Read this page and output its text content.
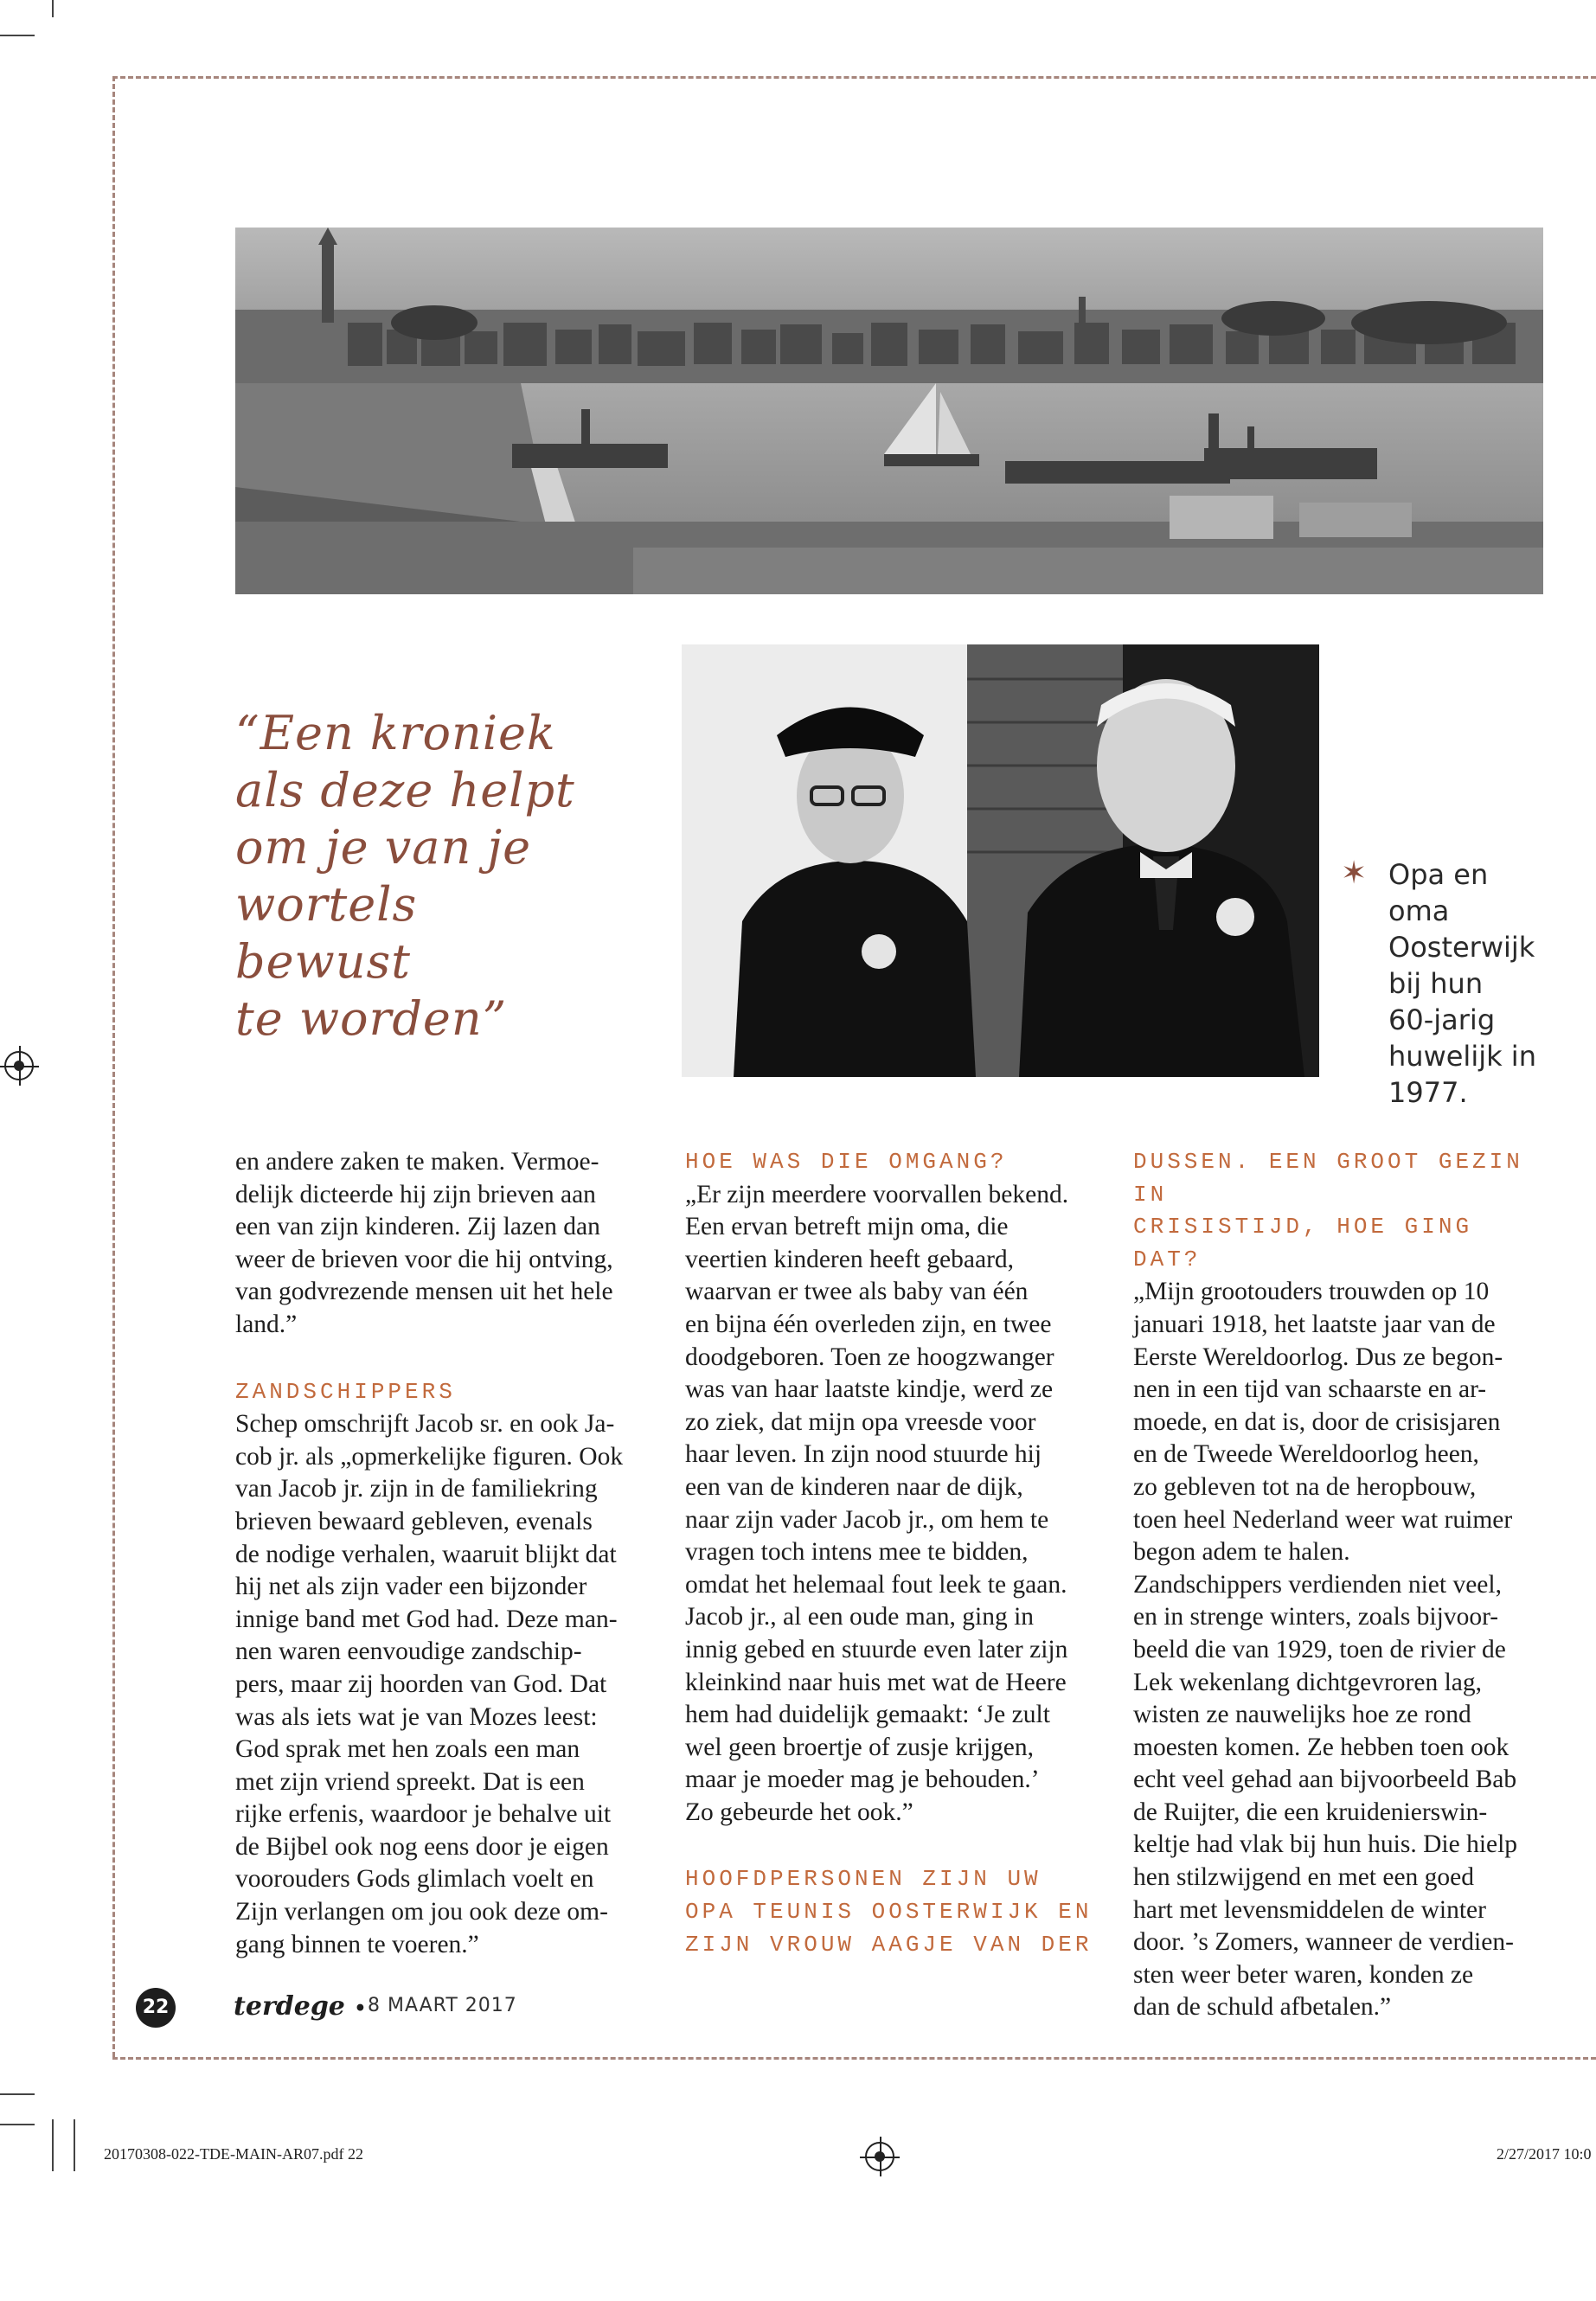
“Een kroniek
als deze helpt
om je van je
wortels bewust
te worden”
✶ Opa en oma
Oosterwijk
bij hun
60-jarig
huwelijk in
1977.

en andere zaken te maken. Vermoe-
delijk dicteerde hij zijn brieven aan
een van zijn kinderen. Zij lazen dan
weer de brieven voor die hij ontving,
van godvrezende mensen uit het hele
land.”

ZANDSCHIPPERS

Schep omschrijft Jacob sr. en ook Ja-
cob jr. als „opmerkelijke figuren. Ook
van Jacob jr. zijn in de familiekring
brieven bewaard gebleven, evenals
de nodige verhalen, waaruit blijkt dat
hij net als zijn vader een bijzonder
innige band met God had. Deze man-
nen waren eenvoudige zandschip-
pers, maar zij hoorden van God. Dat
was als iets wat je van Mozes leest:
God sprak met hen zoals een man
met zijn vriend spreekt. Dat is een
rijke erfenis, waardoor je behalve uit
de Bijbel ook nog eens door je eigen
voorouders Gods glimlach voelt en
Zijn verlangen om jou ook deze om-
gang binnen te voeren.”

HOE WAS DIE OMGANG?

„Er zijn meerdere voorvallen bekend.
Een ervan betreft mijn oma, die
veertien kinderen heeft gebaard,
waarvan er twee als baby van één
en bijna één overleden zijn, en twee
doodgeboren. Toen ze hoogzwanger
was van haar laatste kindje, werd ze
zo ziek, dat mijn opa vreesde voor
haar leven. In zijn nood stuurde hij
een van de kinderen naar de dijk,
naar zijn vader Jacob jr., om hem te
vragen toch intens mee te bidden,
omdat het helemaal fout leek te gaan.
Jacob jr., al een oude man, ging in
innig gebed en stuurde even later zijn
kleinkind naar huis met wat de Heere
hem had duidelijk gemaakt: ‘Je zult
wel geen broertje of zusje krijgen,
maar je moeder mag je behouden.’
Zo gebeurde het ook.”

HOOFDPERSONEN ZIJN UW
OPA TEUNIS OOSTERWIJK EN
ZIJN VROUW AAGJE VAN DER

DUSSEN. EEN GROOT GEZIN IN
CRISISTIJD, HOE GING DAT?

„Mijn grootouders trouwden op 10
januari 1918, het laatste jaar van de
Eerste Wereldoorlog. Dus ze begon-
nen in een tijd van schaarste en ar-
moede, en dat is, door de crisisjaren
en de Tweede Wereldoorlog heen,
zo gebleven tot na de heropbouw,
toen heel Nederland weer wat ruimer
begon adem te halen.
Zandschippers verdienden niet veel,
en in strenge winters, zoals bijvoor-
beeld die van 1929, toen de rivier de
Lek wekenlang dichtgevroren lag,
wisten ze nauwelijks hoe ze rond
moesten komen. Ze hebben toen ook
echt veel gehad aan bijvoorbeeld Bab
de Ruijter, die een kruidenierswin-
keltje had vlak bij hun huis. Die hielp
hen stilzwijgend en met een goed
hart met levensmiddelen de winter
door. ’s Zomers, wanneer de verdien-
sten weer beter waren, konden ze
dan de schuld afbetalen.”

22 terdege • 8 MAART 2017
20170308-022-TDE-MAIN-AR07.pdf 22	2/27/2017 10:0
